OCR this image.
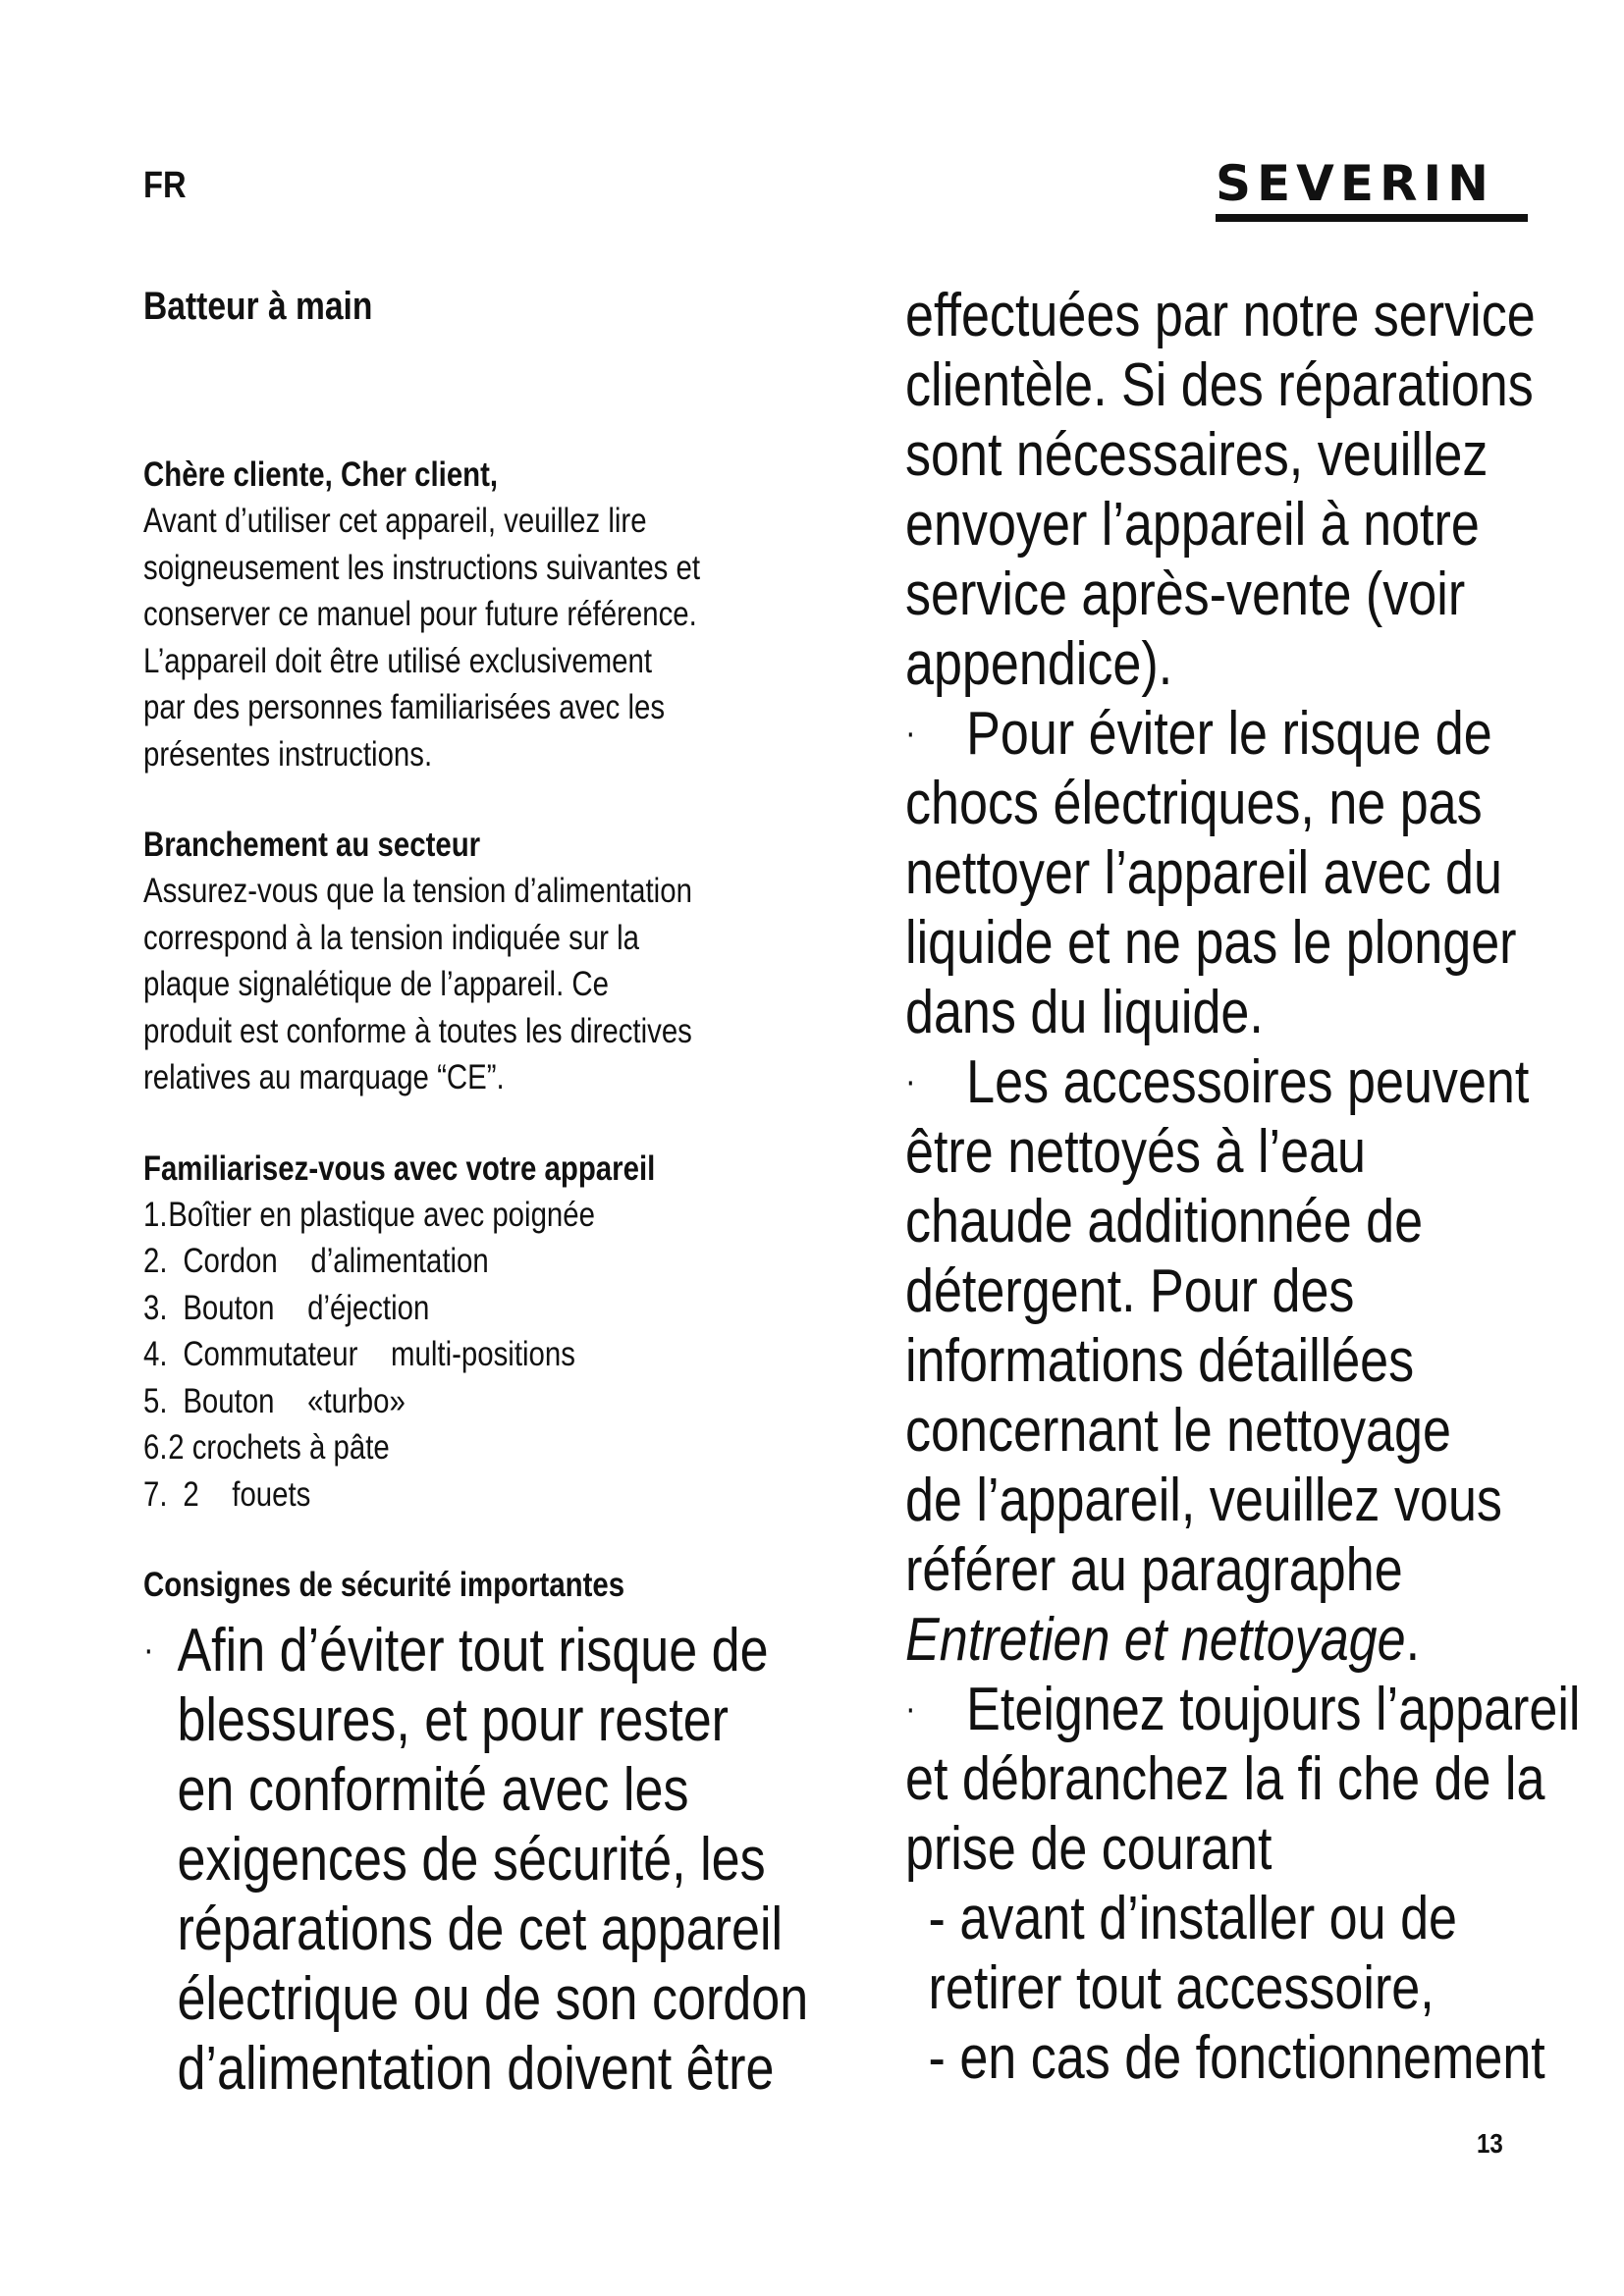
FR	SEVERIN
Batteur à main
Chère cliente, Cher client,
Avant d’utiliser cet appareil, veuillez lire
soigneusement les instructions suivantes et
conserver ce manuel pour future référence.
L’appareil doit être utilisé exclusivement
par des personnes familiarisées avec les
présentes instructions.
Branchement au secteur
Assurez-vous que la tension d’alimentation
correspond à la tension indiquée sur la
plaque signalétique de l’appareil. Ce
produit est conforme à toutes les directives
relatives au marquage “CE”.
Familiarisez-vous avec votre appareil
1.Boîtier en plastique avec poignée
2. Cordon d’alimentation
3. Bouton d’éjection
4. Commutateur multi-positions
5. Bouton «turbo»
6.2 crochets à pâte
7. 2 fouets
Consignes de sécurité importantes
· Afin d’éviter tout risque de
blessures, et pour rester
en conformité avec les
exigences de sécurité, les
réparations de cet appareil
électrique ou de son cordon
d’alimentation doivent être
effectuées par notre service
clientèle. Si des réparations
sont nécessaires, veuillez
envoyer l’appareil à notre
service après-vente (voir
appendice).
· Pour éviter le risque de
chocs électriques, ne pas
nettoyer l’appareil avec du
liquide et ne pas le plonger
dans du liquide.
· Les accessoires peuvent
être nettoyés à l’eau
chaude additionnée de
détergent. Pour des
informations détaillées
concernant le nettoyage
de l’appareil, veuillez vous
référer au paragraphe
Entretien et nettoyage.
· Eteignez toujours l’appareil
et débranchez la fi che de la
prise de courant
- avant d’installer ou de
retirer tout accessoire,
- en cas de fonctionnement
13
